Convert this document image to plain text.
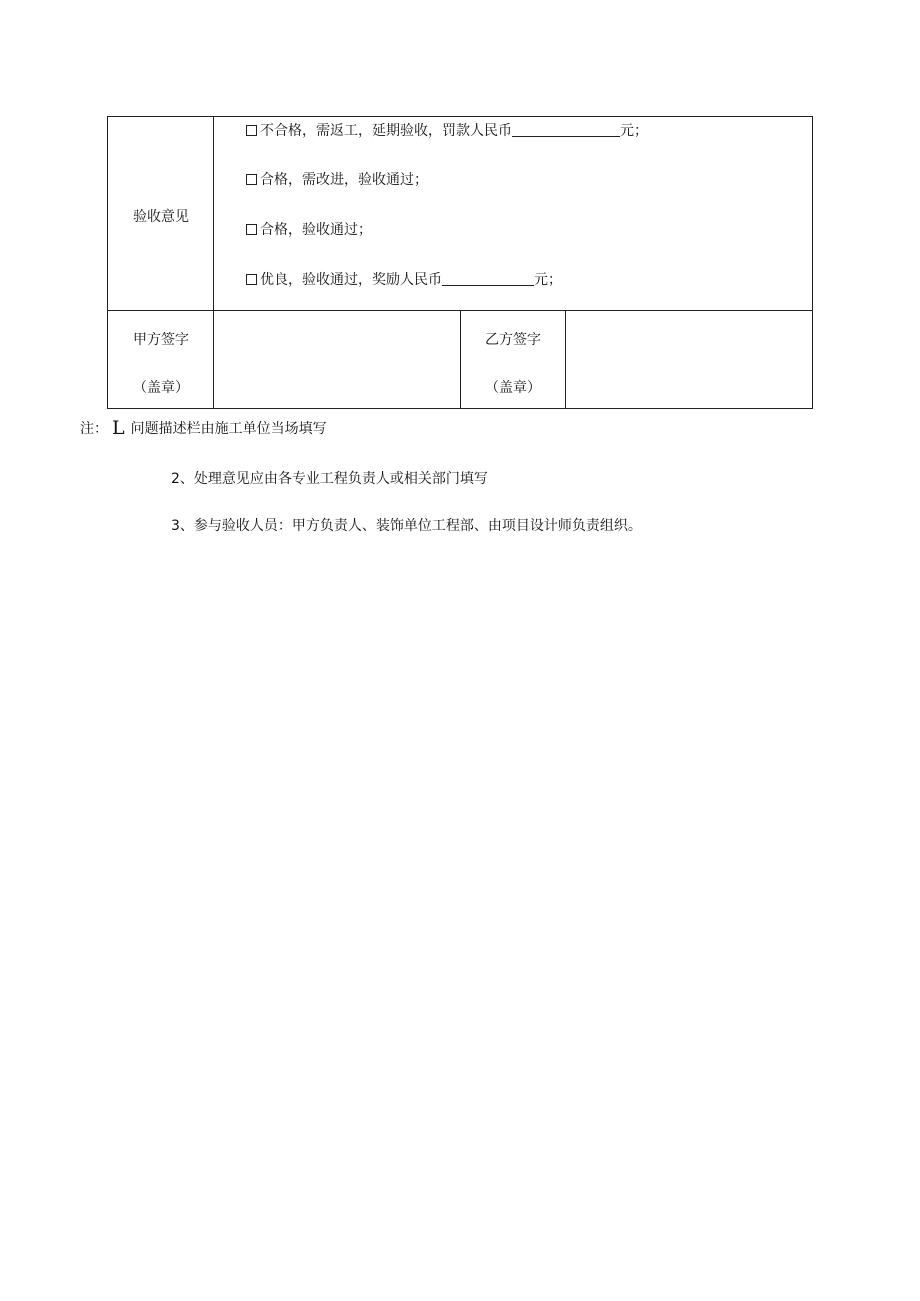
验收意见
不合格，需返工，延期验收，罚款人民币	元；
合格，需改进，验收通过；
合格，验收通过；
优良，验收通过，奖励人民币	元；
甲方签字
（盖章）
乙方签字
（盖章）
注： L 问题描述栏由施工单位当场填写
2、处理意见应由各专业工程负责人或相关部门填写
3、参与验收人员：甲方负责人、装饰单位工程部、由项目设计师负责组织。
